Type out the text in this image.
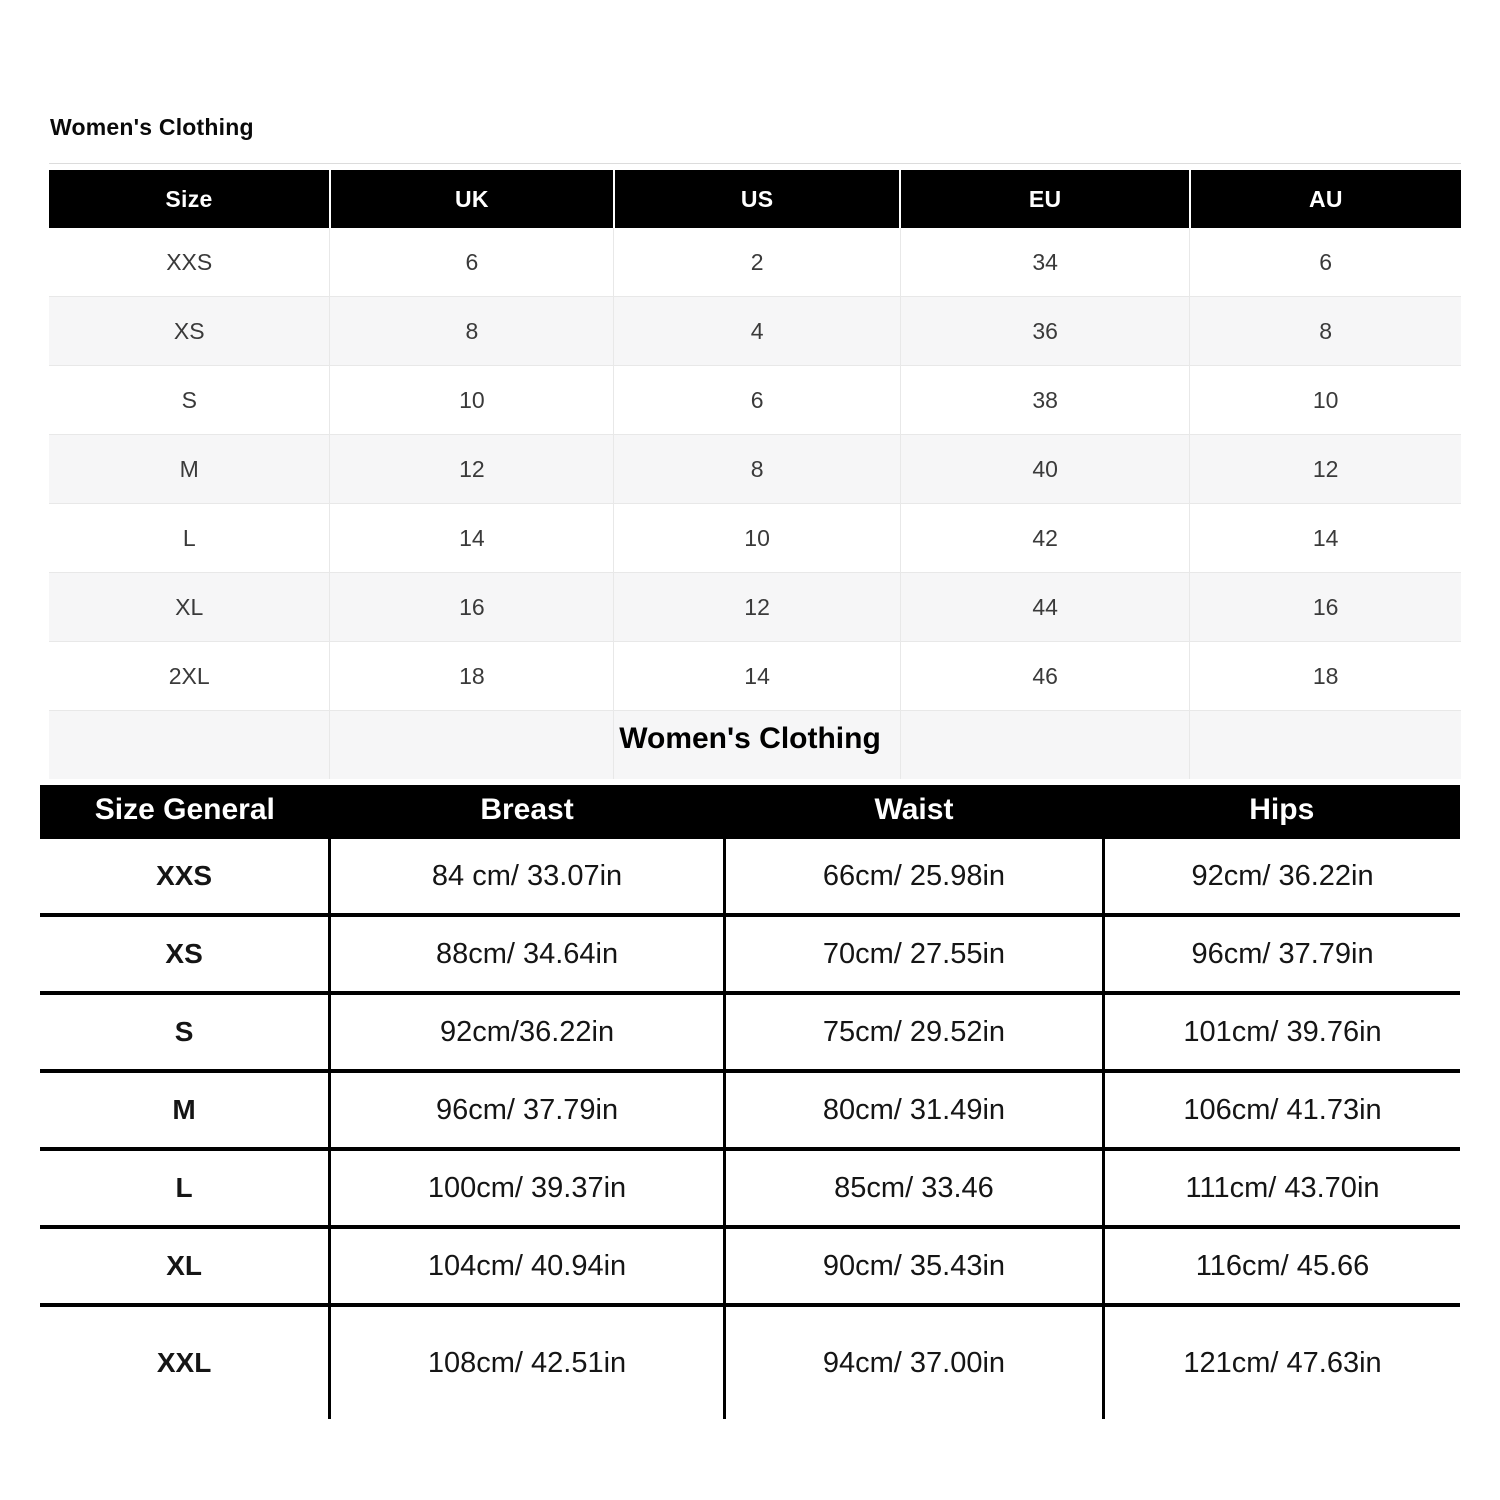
Women's Clothing
Size	UK	US	EU	AU
XXS	6	2	34	6
XS	8	4	36	8
S	10	6	38	10
M	12	8	40	12
L	14	10	42	14
XL	16	12	44	16
2XL	18	14	46	18

Women's Clothing
Size General	Breast	Waist	Hips
XXS	84 cm/ 33.07in	66cm/ 25.98in	92cm/ 36.22in
XS	88cm/ 34.64in	70cm/ 27.55in	96cm/ 37.79in
S	92cm/36.22in	75cm/ 29.52in	101cm/ 39.76in
M	96cm/ 37.79in	80cm/ 31.49in	106cm/ 41.73in
L	100cm/ 39.37in	85cm/ 33.46	111cm/ 43.70in
XL	104cm/ 40.94in	90cm/ 35.43in	116cm/ 45.66
XXL	108cm/ 42.51in	94cm/ 37.00in	121cm/ 47.63in
